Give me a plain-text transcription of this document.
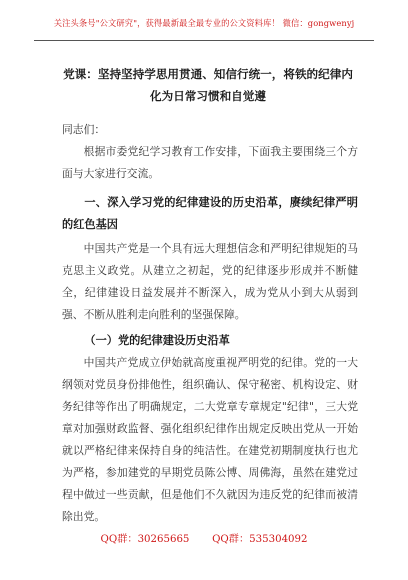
关注头条号"公文研究"，获得最新最全最专业的公文资料库！ 微信：gongwenyj
党课：坚持坚持学思用贯通、知信行统一，将铁的纪律内化为日常习惯和自觉遵
同志们：
根据市委党纪学习教育工作安排，下面我主要围绕三个方面与大家进行交流。
一、深入学习党的纪律建设的历史沿革，赓续纪律严明的红色基因
中国共产党是一个具有远大理想信念和严明纪律规矩的马克思主义政党。从建立之初起，党的纪律逐步形成并不断健全，纪律建设日益发展并不断深入，成为党从小到大从弱到强、不断从胜利走向胜利的坚强保障。
（一）党的纪律建设历史沿革
中国共产党成立伊始就高度重视严明党的纪律。党的一大纲领对党员身份排他性，组织确认、保守秘密、机构设定、财务纪律等作出了明确规定，二大党章专章规定"纪律"，三大党章对加强财政监督、强化组织纪律作出规定反映出党从一开始就以严格纪律来保持自身的纯洁性。在建党初期制度执行也尤为严格，参加建党的早期党员陈公博、周佛海，虽然在建党过程中做过一些贡献，但是他们不久就因为违反党的纪律而被清除出党。
QQ群：30265665       QQ群：535304092
